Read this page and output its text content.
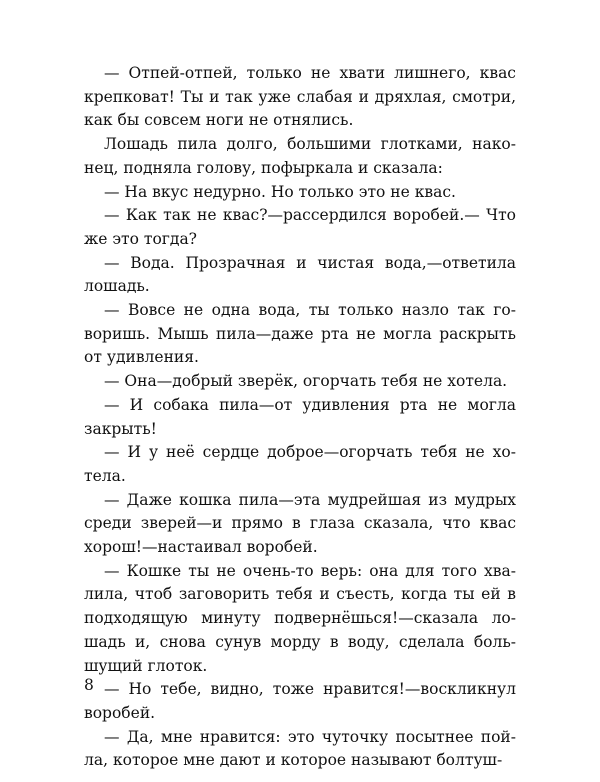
— Отпей-отпей, только не хвати лишнего, квас
крепковат! Ты и так уже слабая и дряхлая, смотри,
как бы совсем ноги не отнялись.
Лошадь пила долго, большими глотками, нако-
нец, подняла голову, пофыркала и сказала:
— На вкус недурно. Но только это не квас.
— Как так не квас?—рассердился воробей.— Что
же это тогда?
— Вода. Прозрачная и чистая вода,—ответила
лошадь.
— Вовсе не одна вода, ты только назло так го-
воришь. Мышь пила—даже рта не могла раскрыть
от удивления.
— Она—добрый зверёк, огорчать тебя не хотела.
— И собака пила—от удивления рта не могла
закрыть!
— И у неё сердце доброе—огорчать тебя не хо-
тела.
— Даже кошка пила—эта мудрейшая из мудрых
среди зверей—и прямо в глаза сказала, что квас
хорош!—настаивал воробей.
— Кошке ты не очень-то верь: она для того хва-
лила, чтоб заговорить тебя и съесть, когда ты ей в
подходящую минуту подвернёшься!—сказала ло-
шадь и, снова сунув морду в воду, сделала боль-
шущий глоток.
— Но тебе, видно, тоже нравится!—воскликнул
воробей.
— Да, мне нравится: это чуточку посытнее пой-
ла, которое мне дают и которое называют болтуш-
8
